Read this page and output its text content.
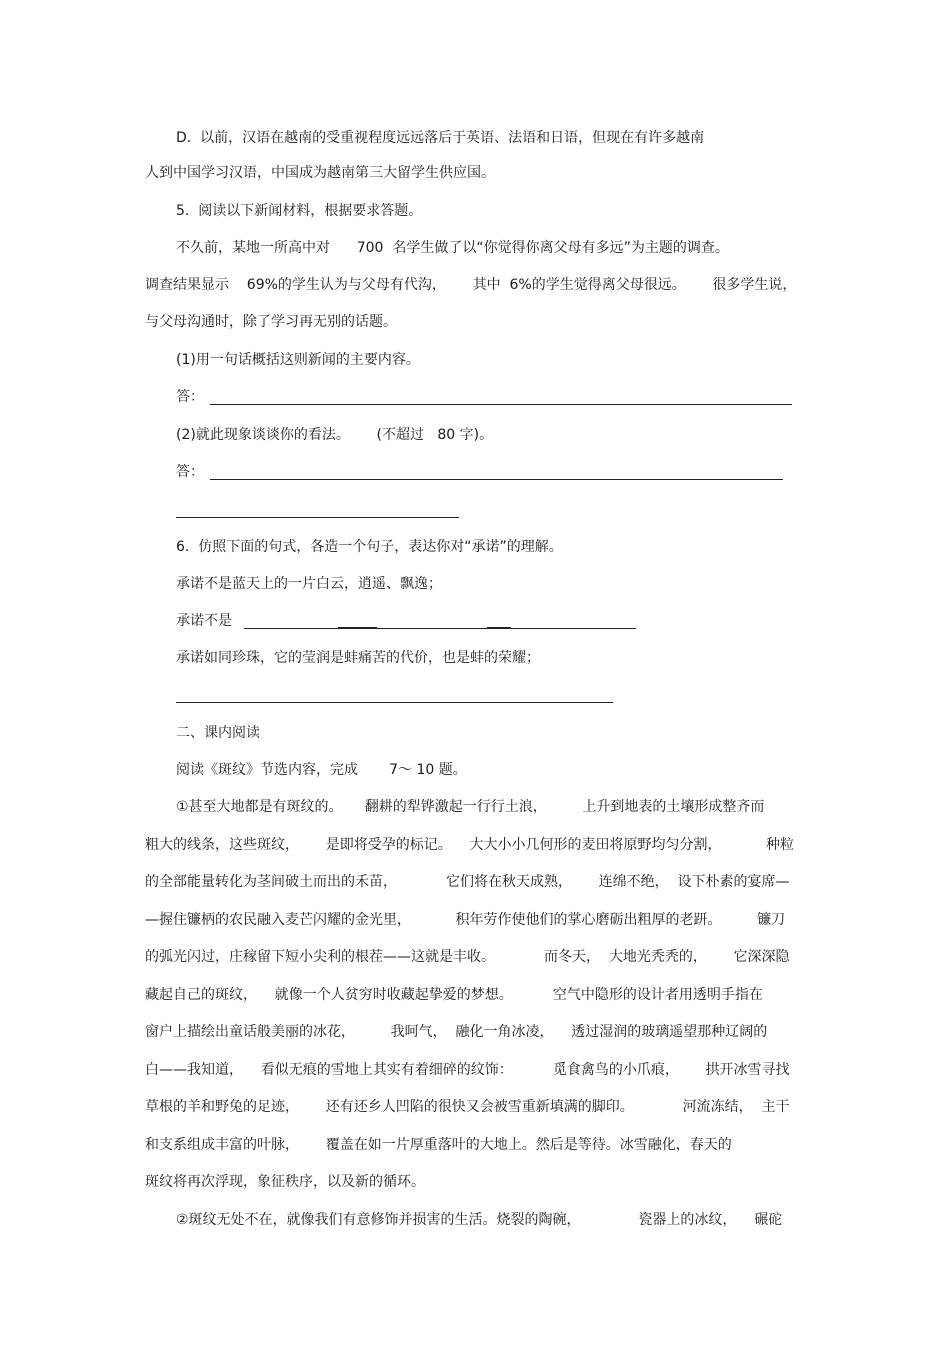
D.  以前，汉语在越南的受重视程度远远落后于英语、法语和日语，但现在有许多越南
人到中国学习汉语，中国成为越南第三大留学生供应国。
5.  阅读以下新闻材料，根据要求答题。
不久前，某地一所高中对      700  名学生做了以“你觉得你离父母有多远”为主题的调查。
调查结果显示    69%的学生认为与父母有代沟，      其中  6%的学生觉得离父母很远。      很多学生说，
与父母沟通时，除了学习再无别的话题。
(1)用一句话概括这则新闻的主要内容。
答：
(2)就此现象谈谈你的看法。      (不超过   80 字)。
答：
6.  仿照下面的句式，各造一个句子，表达你对“承诺”的理解。
承诺不是蓝天上的一片白云，逍遥、飘逸；
承诺不是
承诺如同珍珠，它的莹润是蚌痛苦的代价，也是蚌的荣耀；
二、课内阅读
阅读《斑纹》节选内容，完成       7～ 10 题。
①甚至大地都是有斑纹的。     翻耕的犁铧激起一行行土浪，        上升到地表的土壤形成整齐而
粗大的线条，这些斑纹，      是即将受孕的标记。    大大小小几何形的麦田将原野均匀分割，          种粒
的全部能量转化为茎间破土而出的禾苗，           它们将在秋天成熟，      连绵不绝，  设下朴素的宴席—
—握住镰柄的农民融入麦芒闪耀的金光里，          积年劳作使他们的掌心磨砺出粗厚的老趼。        镰刀
的弧光闪过，庄稼留下短小尖利的根茬——这就是丰收。           而冬天，  大地光秃秃的，      它深深隐
藏起自己的斑纹，    就像一个人贫穷时收藏起挚爱的梦想。         空气中隐形的设计者用透明手指在
窗户上描绘出童话般美丽的冰花，        我呵气，  融化一角冰凌，    透过湿润的玻璃遥望那种辽阔的
白——我知道，    看似无痕的雪地上其实有着细碎的纹饰：         觅食禽鸟的小爪痕，      拱开冰雪寻找
草根的羊和野兔的足迹，      还有还乡人凹陷的很快又会被雪重新填满的脚印。           河流冻结，  主干
和支系组成丰富的叶脉，      覆盖在如一片厚重落叶的大地上。然后是等待。冰雪融化，春天的
斑纹将再次浮现，象征秩序，以及新的循环。
②斑纹无处不在，就像我们有意修饰并损害的生活。烧裂的陶碗，             瓷器上的冰纹，    碾砣
